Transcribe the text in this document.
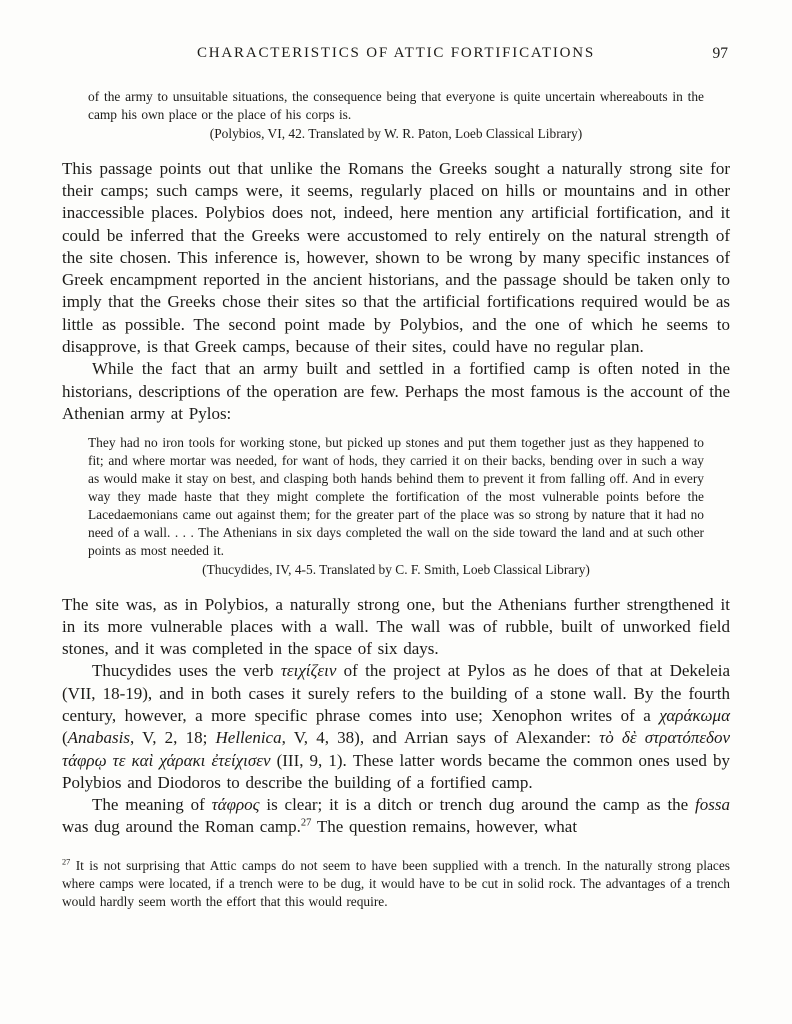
CHARACTERISTICS OF ATTIC FORTIFICATIONS	97

of the army to unsuitable situations, the consequence being that everyone is quite uncertain whereabouts in the camp his own place or the place of his corps is.

(Polybios, VI, 42. Translated by W. R. Paton, Loeb Classical Library)

This passage points out that unlike the Romans the Greeks sought a naturally strong site for their camps; such camps were, it seems, regularly placed on hills or mountains and in other inaccessible places. Polybios does not, indeed, here mention any artificial fortification, and it could be inferred that the Greeks were accustomed to rely entirely on the natural strength of the site chosen. This inference is, however, shown to be wrong by many specific instances of Greek encampment reported in the ancient historians, and the passage should be taken only to imply that the Greeks chose their sites so that the artificial fortifications required would be as little as possible. The second point made by Polybios, and the one of which he seems to disapprove, is that Greek camps, because of their sites, could have no regular plan.

While the fact that an army built and settled in a fortified camp is often noted in the historians, descriptions of the operation are few. Perhaps the most famous is the account of the Athenian army at Pylos:

They had no iron tools for working stone, but picked up stones and put them together just as they happened to fit; and where mortar was needed, for want of hods, they carried it on their backs, bending over in such a way as would make it stay on best, and clasping both hands behind them to prevent it from falling off. And in every way they made haste that they might complete the fortification of the most vulnerable points before the Lacedaemonians came out against them; for the greater part of the place was so strong by nature that it had no need of a wall. . . . The Athenians in six days completed the wall on the side toward the land and at such other points as most needed it.

(Thucydides, IV, 4-5. Translated by C. F. Smith, Loeb Classical Library)

The site was, as in Polybios, a naturally strong one, but the Athenians further strengthened it in its more vulnerable places with a wall. The wall was of rubble, built of unworked field stones, and it was completed in the space of six days.

Thucydides uses the verb τειχίζειν of the project at Pylos as he does of that at Dekeleia (VII, 18-19), and in both cases it surely refers to the building of a stone wall. By the fourth century, however, a more specific phrase comes into use; Xenophon writes of a χαράκωμα (Anabasis, V, 2, 18; Hellenica, V, 4, 38), and Arrian says of Alexander: τὸ δὲ στρατόπεδον τάφρῳ τε καὶ χάρακι ἐτείχισεν (III, 9, 1). These latter words became the common ones used by Polybios and Diodoros to describe the building of a fortified camp.

The meaning of τάφρος is clear; it is a ditch or trench dug around the camp as the fossa was dug around the Roman camp.$^{27}$ The question remains, however, what

$^{27}$ It is not surprising that Attic camps do not seem to have been supplied with a trench. In the naturally strong places where camps were located, if a trench were to be dug, it would have to be cut in solid rock. The advantages of a trench would hardly seem worth the effort that this would require.
